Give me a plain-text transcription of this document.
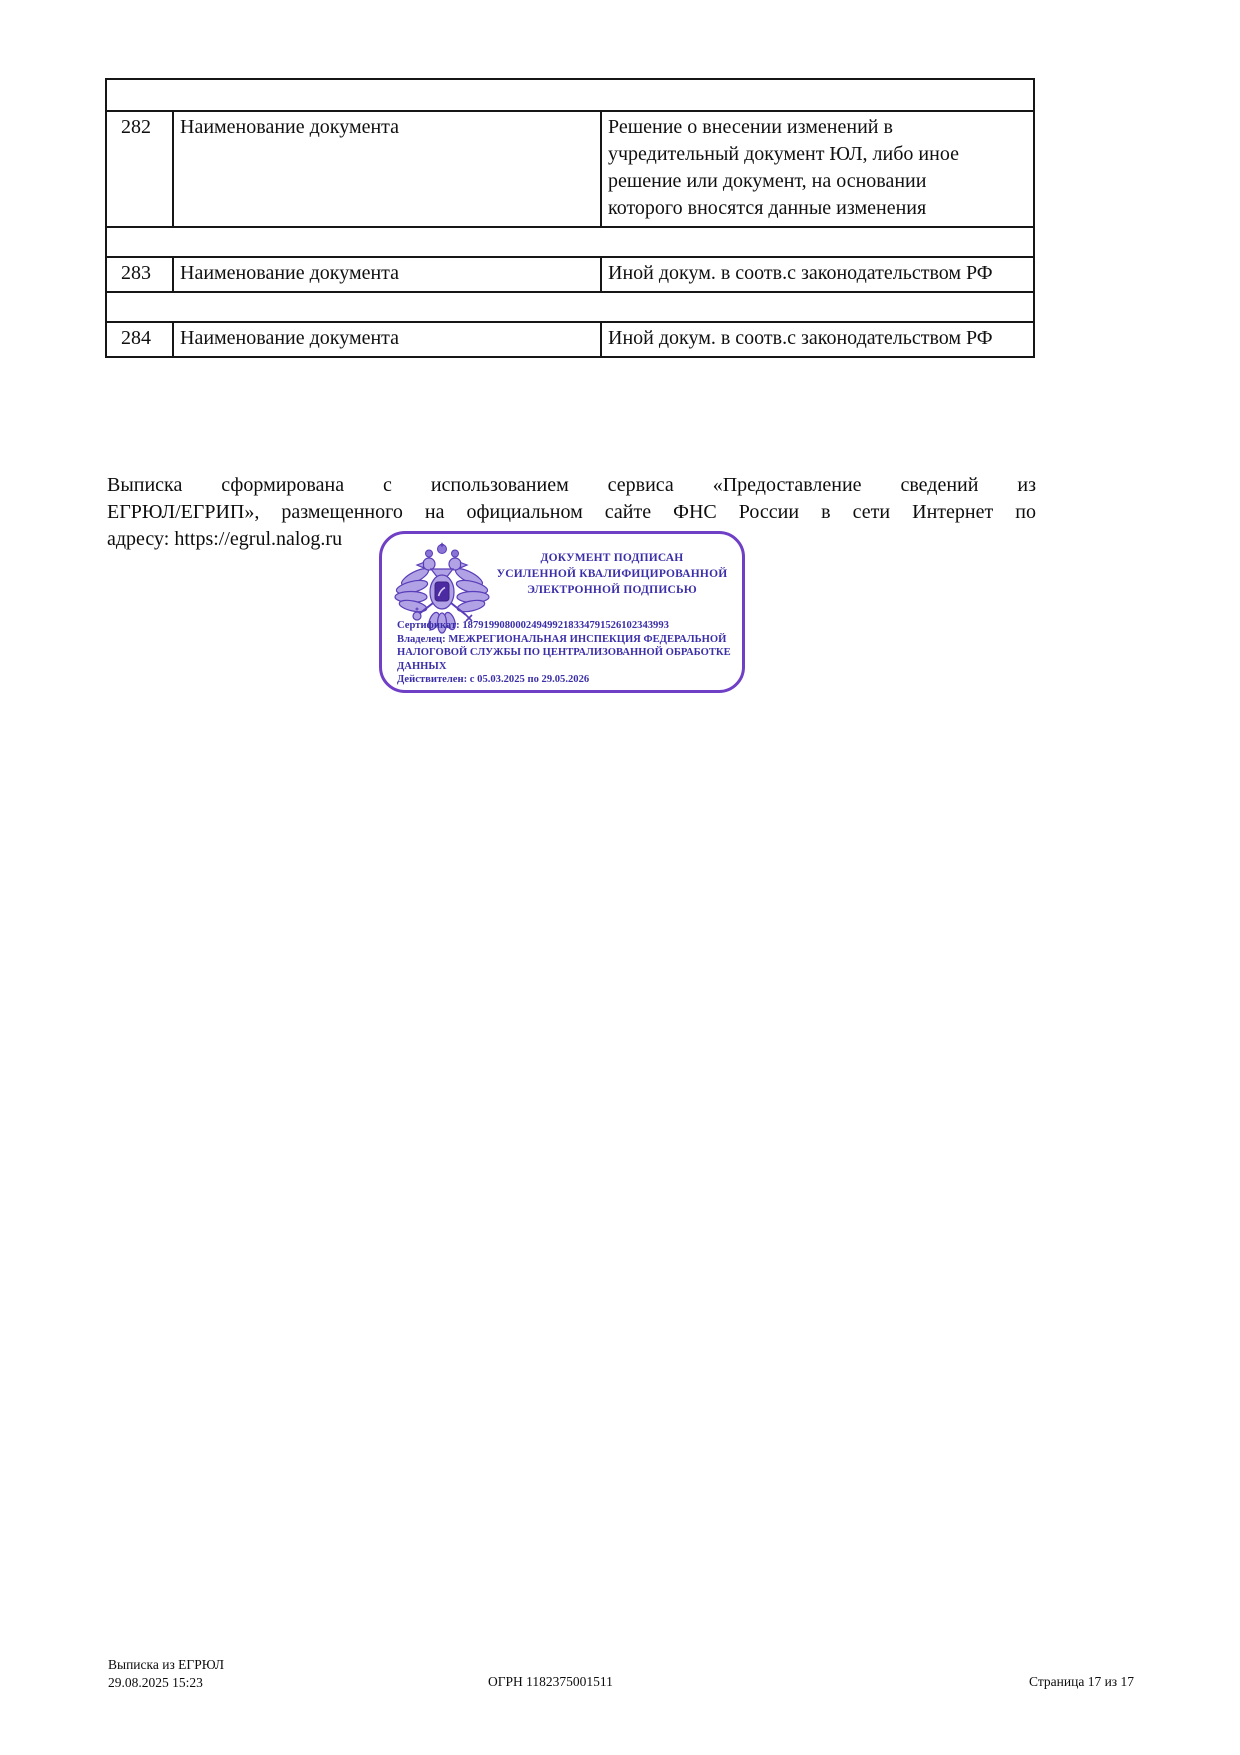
282	Наименование документа	Решение о внесении изменений в учредительный документ ЮЛ, либо иное решение или документ, на основании которого вносятся данные изменения
283	Наименование документа	Иной докум. в соотв.с законодательством РФ
284	Наименование документа	Иной докум. в соотв.с законодательством РФ
Выписка сформирована с использованием сервиса «Предоставление сведений из
ЕГРЮЛ/ЕГРИП», размещенного на официальном сайте ФНС России в сети Интернет по
адресу: https://egrul.nalog.ru
ДОКУМЕНТ ПОДПИСАН
УСИЛЕННОЙ КВАЛИФИЦИРОВАННОЙ
ЭЛЕКТРОННОЙ ПОДПИСЬЮ
Сертификат: 187919908000249499218334791526102343993
Владелец: МЕЖРЕГИОНАЛЬНАЯ ИНСПЕКЦИЯ ФЕДЕРАЛЬНОЙ НАЛОГОВОЙ СЛУЖБЫ ПО ЦЕНТРАЛИЗОВАННОЙ ОБРАБОТКЕ ДАННЫХ
Действителен: с 05.03.2025 по 29.05.2026
Выписка из ЕГРЮЛ
29.08.2025 15:23	ОГРН 1182375001511	Страница 17 из 17
